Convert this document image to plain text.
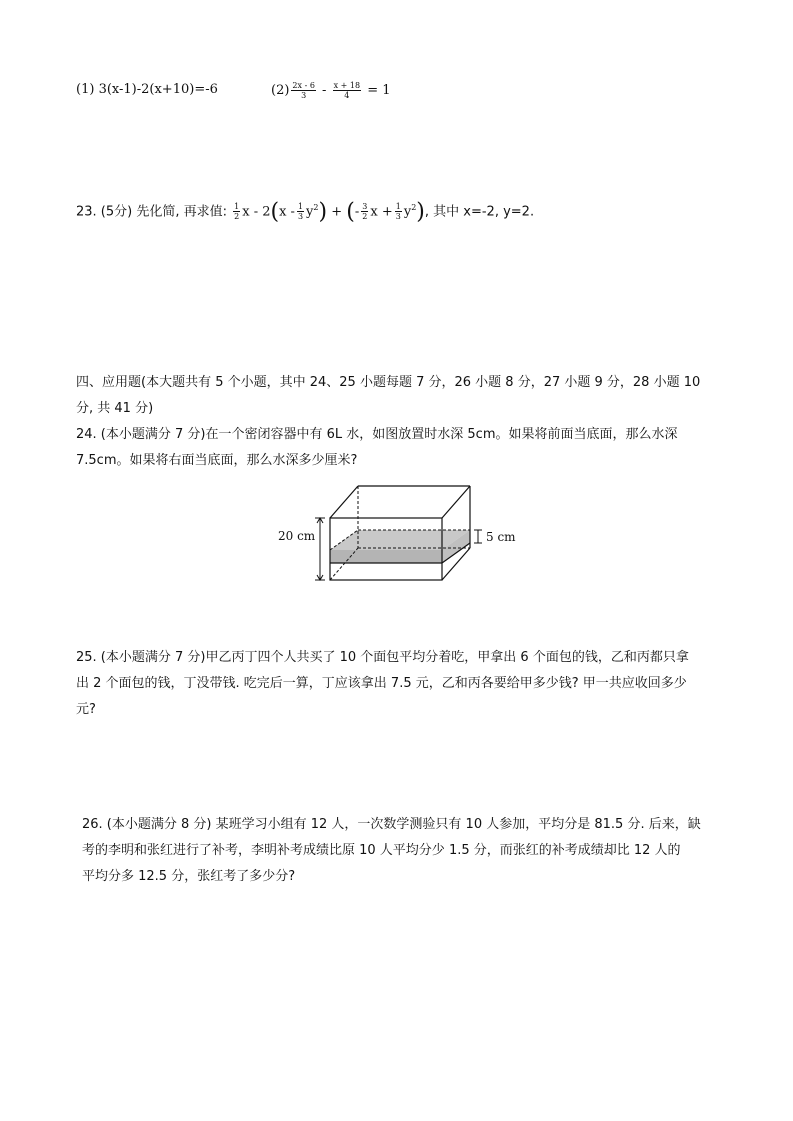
(1) 3(x-1)-2(x+10)=-6	$(2) \frac{2x - 6}{3} - \frac{x + 18}{4} = 1$
23. (5分) 先化简, 再求值: $\frac{1}{2}$ x - $2(x - \frac{1}{3} y^2)$ + (- $\frac{3}{2}$ $x + \frac{1}{3} y^2$), 其中 x=-2, y=2.
四、应用题(本大题共有 5 个小题，其中 24、25 小题每题 7 分，26 小题 8 分，27 小题 9 分，28 小题 10
分, 共 41 分)
24. (本小题满分 7 分)在一个密闭容器中有 6L 水，如图放置时水深 5cm。如果将前面当底面，那么水深
7.5cm。如果将右面当底面，那么水深多少厘米?
20 cm	5 cm
25. (本小题满分 7 分)甲乙丙丁四个人共买了 10 个面包平均分着吃，甲拿出 6 个面包的钱，乙和丙都只拿
出 2 个面包的钱，丁没带钱. 吃完后一算，丁应该拿出 7.5 元，乙和丙各要给甲多少钱? 甲一共应收回多少
元?
26. (本小题满分 8 分) 某班学习小组有 12 人，一次数学测验只有 10 人参加，平均分是 81.5 分. 后来，缺
考的李明和张红进行了补考，李明补考成绩比原 10 人平均分少 1.5 分，而张红的补考成绩却比 12 人的
平均分多 12.5 分，张红考了多少分?
